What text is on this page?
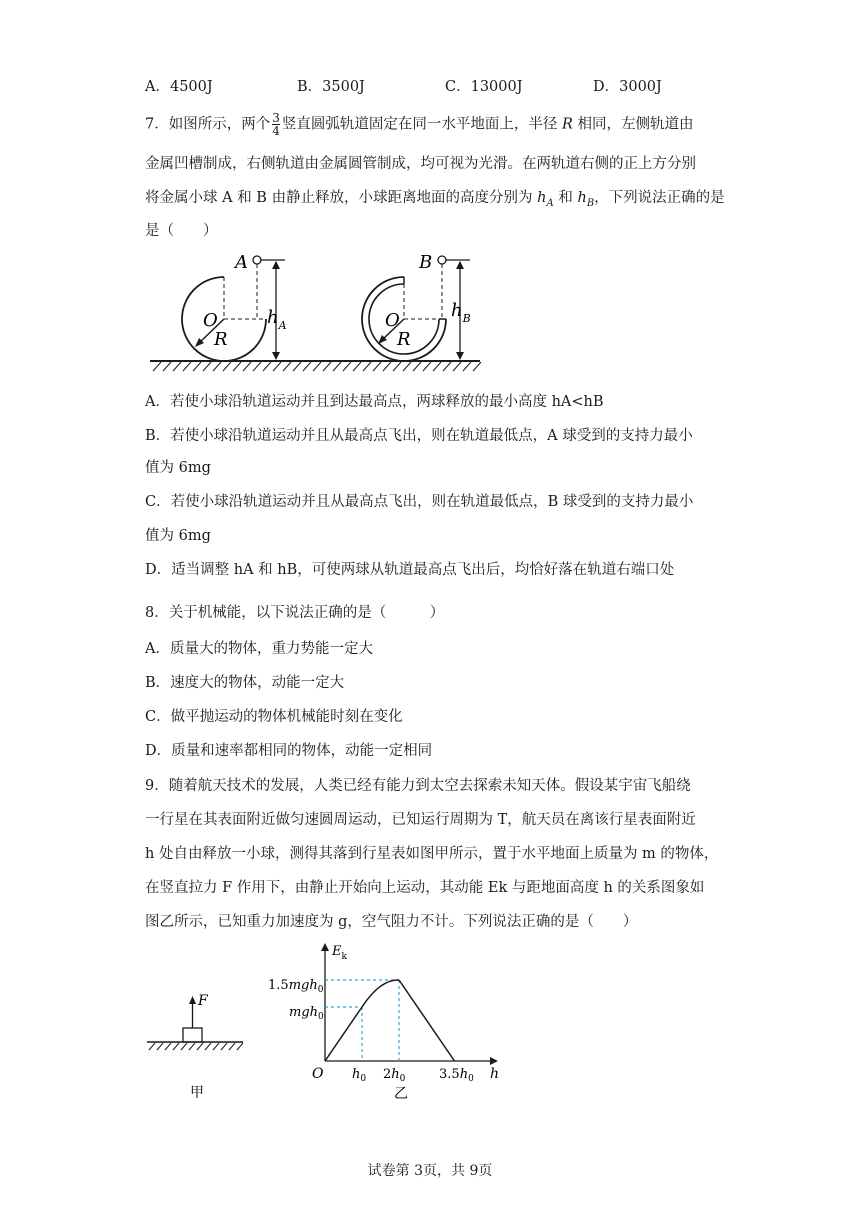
A．4500J	B．3500J	C．13000J	D．3000J
7．如图所示，两个 $\frac{3}{4}$ 竖直圆弧轨道固定在同一水平地面上，半径 R 相同，左侧轨道由
金属凹槽制成，右侧轨道由金属圆管制成，均可视为光滑。在两轨道右侧的正上方分别
将金属小球 A 和 B 由静止释放，小球距离地面的高度分别为 $h_A$ 和 $h_B$，下列说法正确的是
是（　　）
O
R
A
$h_A$	O
R
B
$h_B$
A．若使小球沿轨道运动并且到达最高点，两球释放的最小高度 hA<hB
B．若使小球沿轨道运动并且从最高点飞出，则在轨道最低点，A 球受到的支持力最小
值为 6mg
C．若使小球沿轨道运动并且从最高点飞出，则在轨道最低点，B 球受到的支持力最小
值为 6mg
D．适当调整 hA 和 hB，可使两球从轨道最高点飞出后，均恰好落在轨道右端口处
8．关于机械能，以下说法正确的是（　　　）
A．质量大的物体，重力势能一定大
B．速度大的物体，动能一定大
C．做平抛运动的物体机械能时刻在变化
D．质量和速率都相同的物体，动能一定相同
9．随着航天技术的发展，人类已经有能力到太空去探索未知天体。假设某宇宙飞船绕
一行星在其表面附近做匀速圆周运动，已知运行周期为 T，航天员在离该行星表面附近
h 处自由释放一小球，测得其落到行星表如图甲所示，置于水平地面上质量为 m 的物体，
在竖直拉力 F 作用下，由静止开始向上运动，其动能 Ek 与距地面高度 h 的关系图象如
图乙所示，已知重力加速度为 g，空气阻力不计。下列说法正确的是（　　）
F
甲
$E_k$
h
O
mgh$_0$
1.5mgh$_0$
$h_0$ $2h_0$	$3.5h_0$
乙
试卷第 3页，共 9页
